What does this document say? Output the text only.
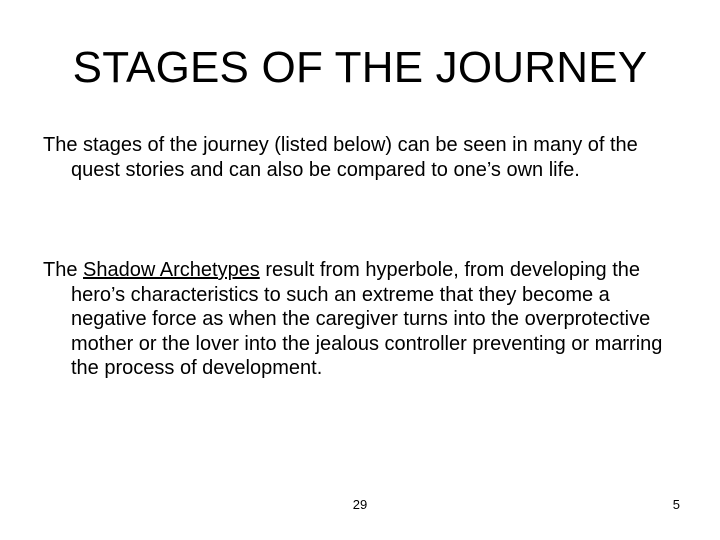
STAGES OF THE JOURNEY

The stages of the journey (listed below) can be seen in many of the quest stories and can also be compared to one’s own life.

The Shadow Archetypes result from hyperbole, from developing the hero’s characteristics to such an extreme that they become a negative force as when the caregiver turns into the overprotective mother or the lover into the jealous controller preventing or marring the process of development.

29	5
